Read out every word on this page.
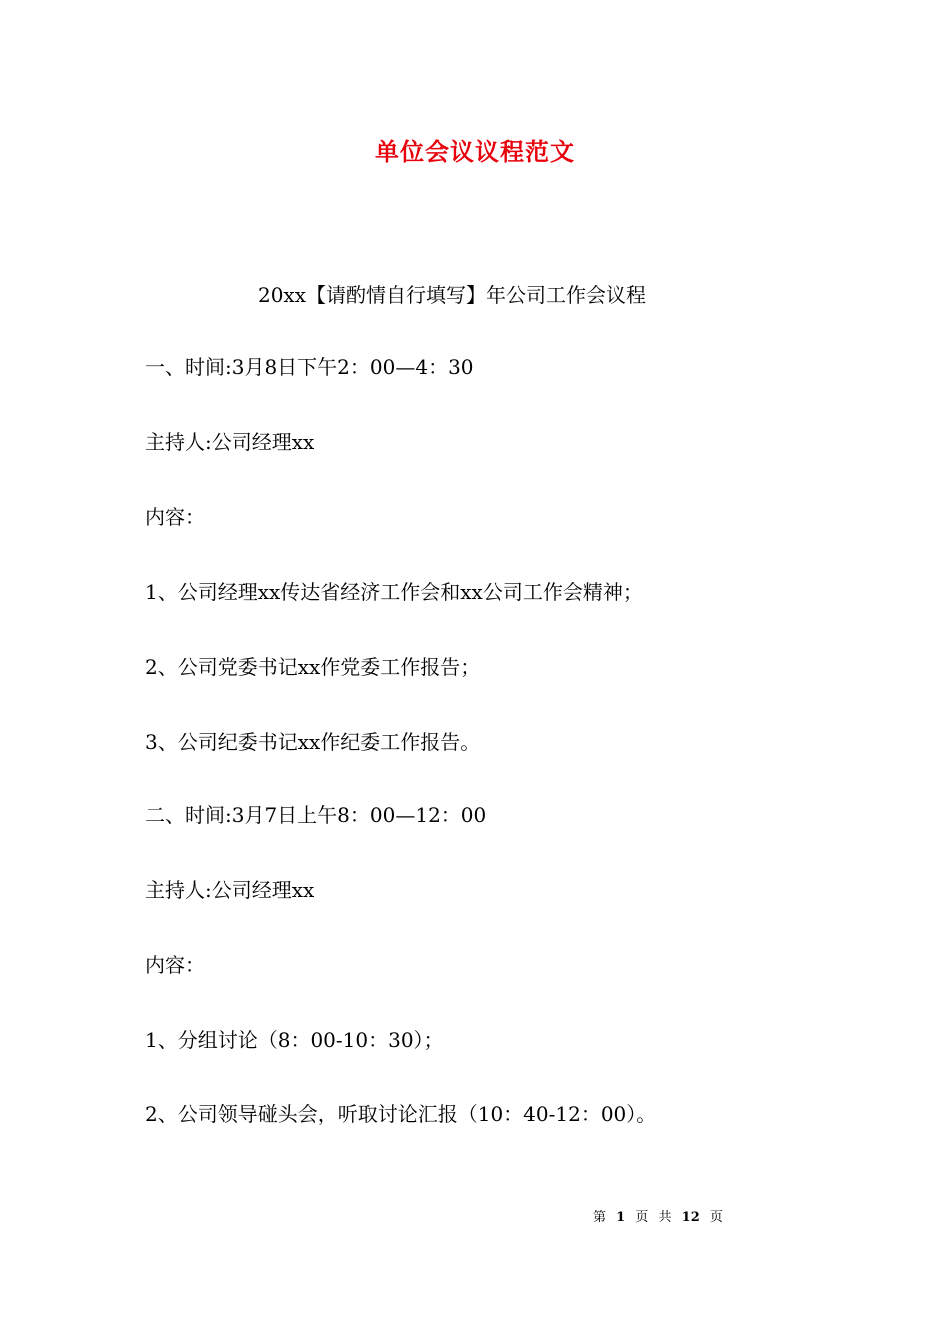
单位会议议程范文
20xx【请酌情自行填写】年公司工作会议程
一、时间:3月8日下午2：00—4：30
主持人:公司经理xx
内容：
1、公司经理xx传达省经济工作会和xx公司工作会精神；
2、公司党委书记xx作党委工作报告；
3、公司纪委书记xx作纪委工作报告。
二、时间:3月7日上午8：00—12：00
主持人:公司经理xx
内容：
1、分组讨论（8：00-10：30）；
2、公司领导碰头会，听取讨论汇报（10：40-12：00）。
第 1 页 共 12 页
